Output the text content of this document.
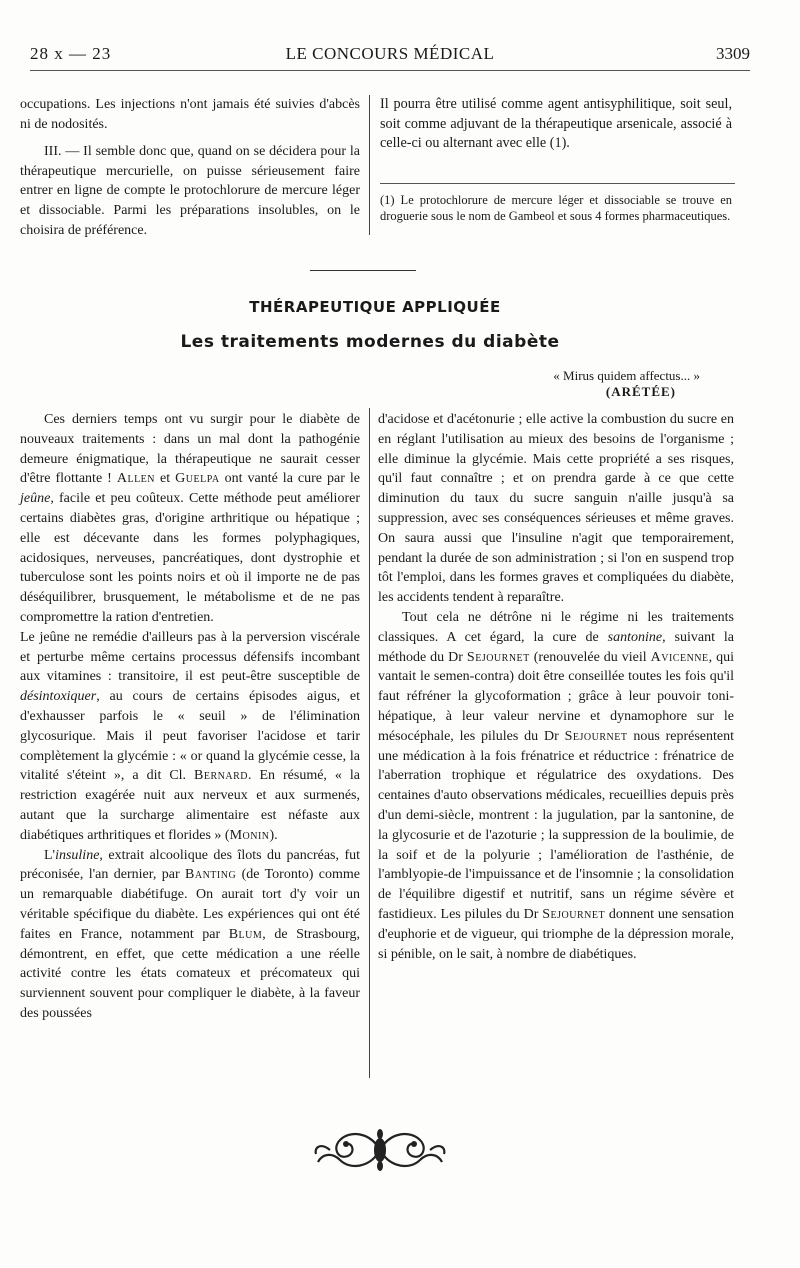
28 x — 23	LE CONCOURS MÉDICAL	3309

occupations. Les injections n'ont jamais été suivies d'abcès ni de nodosités.

III. — Il semble donc que, quand on se décidera pour la thérapeutique mercurielle, on puisse sérieusement faire entrer en ligne de compte le protochlorure de mercure léger et dissociable. Parmi les préparations insolubles, on le choisira de préférence.

Il pourra être utilisé comme agent antisyphilitique, soit seul, soit comme adjuvant de la thérapeutique arsenicale, associé à celle-ci ou alternant avec elle (1).

(1) Le protochlorure de mercure léger et dissociable se trouve en droguerie sous le nom de Gambeol et sous 4 formes pharmaceutiques.
THÉRAPEUTIQUE APPLIQUÉE
Les traitements modernes du diabète
« Mirus quidem affectus... »
(ARÉTÉE)

Ces derniers temps ont vu surgir pour le diabète de nouveaux traitements : dans un mal dont la pathogénie demeure énigmatique, la thérapeutique ne saurait cesser d'être flottante ! Allen et Guelpa ont vanté la cure par le jeûne, facile et peu coûteux. Cette méthode peut améliorer certains diabètes gras, d'origine arthritique ou hépatique ; elle est décevante dans les formes polyphagiques, acidosiques, nerveuses, pancréatiques, dont dystrophie et tuberculose sont les points noirs et où il importe ne de pas déséquilibrer, brusquement, le métabolisme et de ne pas compromettre la ration d'entretien.

Le jeûne ne remédie d'ailleurs pas à la perversion viscérale et perturbe même certains processus défensifs incombant aux vitamines : transitoire, il est peut-être susceptible de désintoxiquer, au cours de certains épisodes aigus, et d'exhausser parfois le « seuil » de l'élimination glycosurique. Mais il peut favoriser l'acidose et tarir complètement la glycémie : « or quand la glycémie cesse, la vitalité s'éteint », a dit Cl. Bernard. En résumé, « la restriction exagérée nuit aux nerveux et aux surmenés, autant que la surcharge alimentaire est néfaste aux diabétiques arthritiques et florides » (Monin).

L'insuline, extrait alcoolique des îlots du pancréas, fut préconisée, l'an dernier, par Banting (de Toronto) comme un remarquable diabétifuge. On aurait tort d'y voir un véritable spécifique du diabète. Les expériences qui ont été faites en France, notamment par Blum, de Strasbourg, démontrent, en effet, que cette médication a une réelle activité contre les états comateux et précomateux qui surviennent souvent pour compliquer le diabète, à la faveur des poussées

d'acidose et d'acétonurie ; elle active la combustion du sucre en en réglant l'utilisation au mieux des besoins de l'organisme ; elle diminue la glycémie. Mais cette propriété a ses risques, qu'il faut connaître ; et on prendra garde à ce que cette diminution du taux du sucre sanguin n'aille jusqu'à sa suppression, avec ses conséquences sérieuses et même graves. On saura aussi que l'insuline n'agit que temporairement, pendant la durée de son administration ; si l'on en suspend trop tôt l'emploi, dans les formes graves et compliquées du diabète, les accidents tendent à reparaître.

Tout cela ne détrône ni le régime ni les traitements classiques. A cet égard, la cure de santonine, suivant la méthode du Dr Sejournet (renouvelée du vieil Avicenne, qui vantait le semen-contra) doit être conseillée toutes les fois qu'il faut réfréner la glycoformation ; grâce à leur pouvoir toni-hépatique, à leur valeur nervine et dynamophore sur le mésocéphale, les pilules du Dr Sejournet nous représentent une médication à la fois frénatrice et réductrice : frénatrice de l'aberration trophique et régulatrice des oxydations. Des centaines d'auto observations médicales, recueillies depuis près d'un demi-siècle, montrent : la jugulation, par la santonine, de la glycosurie et de l'azoturie ; la suppression de la boulimie, de la soif et de la polyurie ; l'amélioration de l'asthénie, de l'amblyopie-de l'impuissance et de l'insomnie ; la consolidation de l'équilibre digestif et nutritif, sans un régime sévère et fastidieux. Les pilules du Dr Sejournet donnent une sensation d'euphorie et de vigueur, qui triomphe de la dépression morale, si pénible, on le sait, à nombre de diabétiques.
